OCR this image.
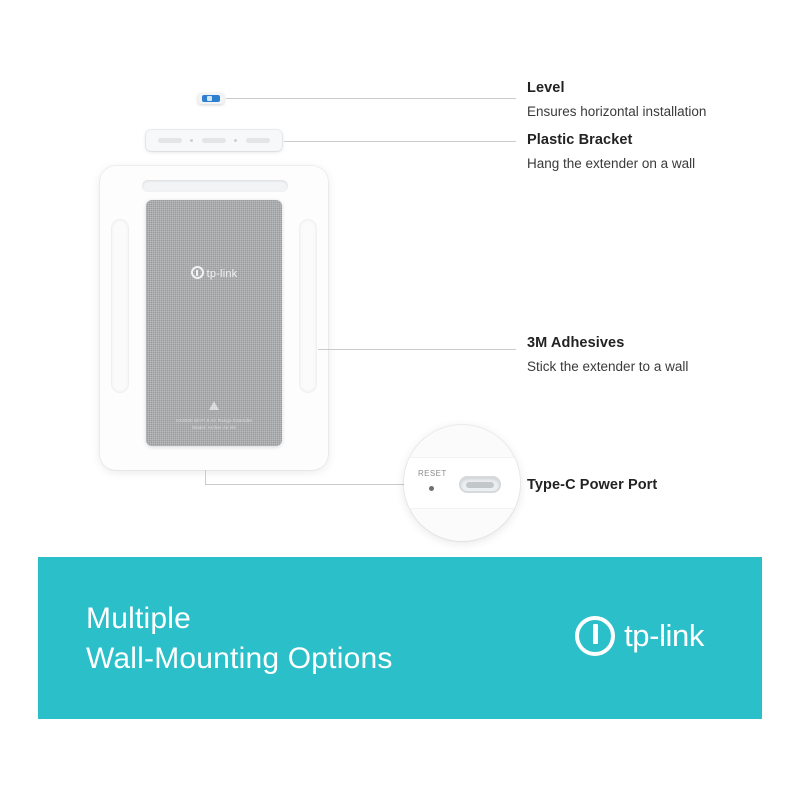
Level
Ensures horizontal installation
Plastic Bracket
Hang the extender on a wall
tp-link
AX3000 Wi-Fi 6 Air Range Extender
Model: Archer Air E5
3M Adhesives
Stick the extender to a wall
RESET
Type-C Power Port
Multiple
Wall-Mounting Options
tp-link
